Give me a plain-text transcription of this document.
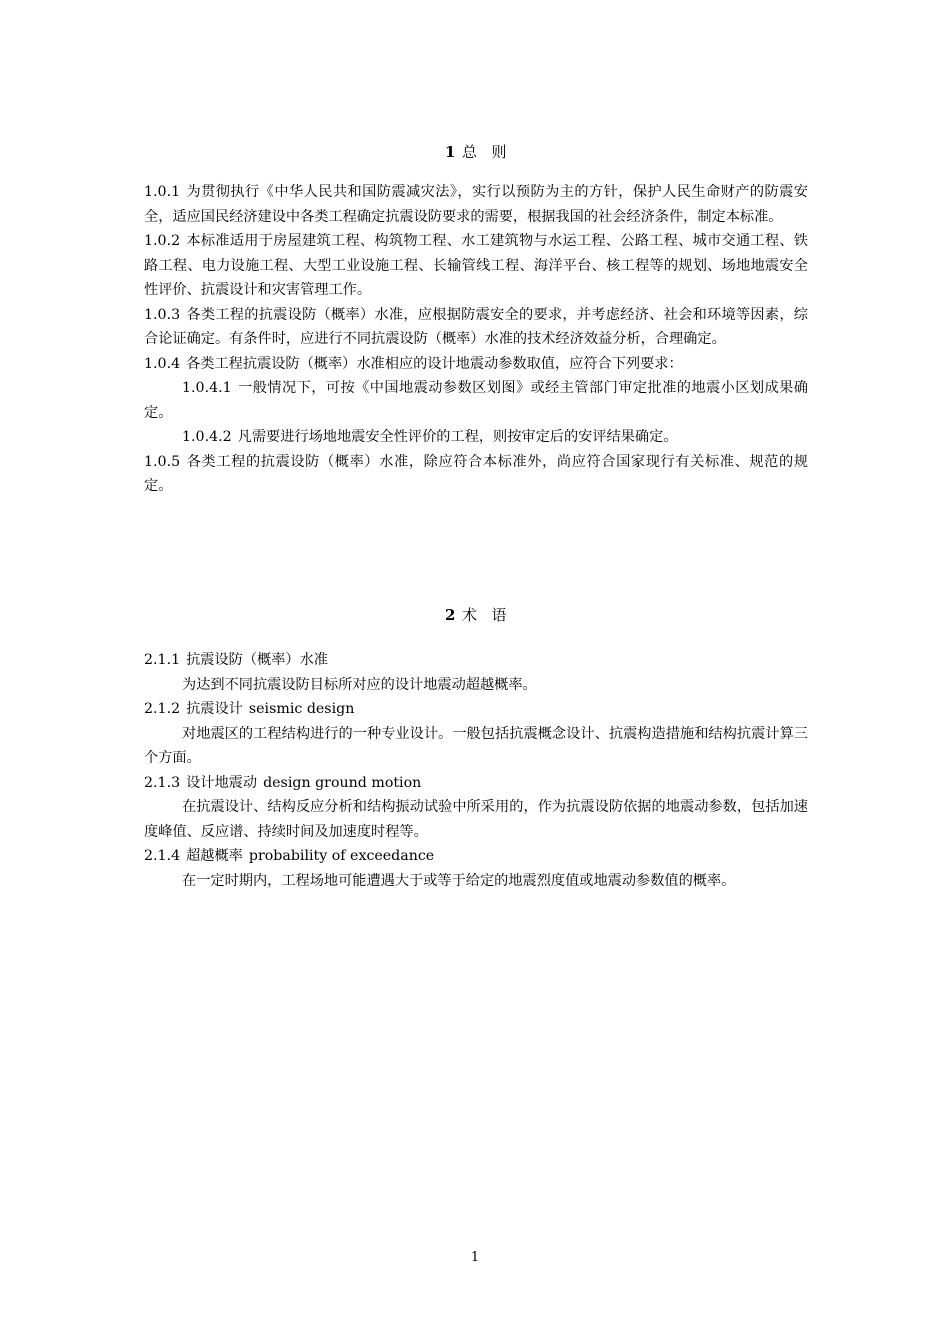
1 总 则

1.0.1 为贯彻执行《中华人民共和国防震减灾法》，实行以预防为主的方针，保护人民生命财产的防震安全，适应国民经济建设中各类工程确定抗震设防要求的需要，根据我国的社会经济条件，制定本标准。

1.0.2 本标准适用于房屋建筑工程、构筑物工程、水工建筑物与水运工程、公路工程、城市交通工程、铁路工程、电力设施工程、大型工业设施工程、长输管线工程、海洋平台、核工程等的规划、场地地震安全性评价、抗震设计和灾害管理工作。

1.0.3 各类工程的抗震设防（概率）水准，应根据防震安全的要求，并考虑经济、社会和环境等因素，综合论证确定。有条件时，应进行不同抗震设防（概率）水准的技术经济效益分析，合理确定。

1.0.4 各类工程抗震设防（概率）水准相应的设计地震动参数取值，应符合下列要求：

1.0.4.1 一般情况下，可按《中国地震动参数区划图》或经主管部门审定批准的地震小区划成果确定。

1.0.4.2 凡需要进行场地地震安全性评价的工程，则按审定后的安评结果确定。

1.0.5 各类工程的抗震设防（概率）水准，除应符合本标准外，尚应符合国家现行有关标准、规范的规定。

2 术 语

2.1.1 抗震设防（概率）水准

为达到不同抗震设防目标所对应的设计地震动超越概率。

2.1.2 抗震设计 seismic design

对地震区的工程结构进行的一种专业设计。一般包括抗震概念设计、抗震构造措施和结构抗震计算三个方面。

2.1.3 设计地震动 design ground motion

在抗震设计、结构反应分析和结构振动试验中所采用的，作为抗震设防依据的地震动参数，包括加速度峰值、反应谱、持续时间及加速度时程等。

2.1.4 超越概率 probability of exceedance

在一定时期内，工程场地可能遭遇大于或等于给定的地震烈度值或地震动参数值的概率。

1
